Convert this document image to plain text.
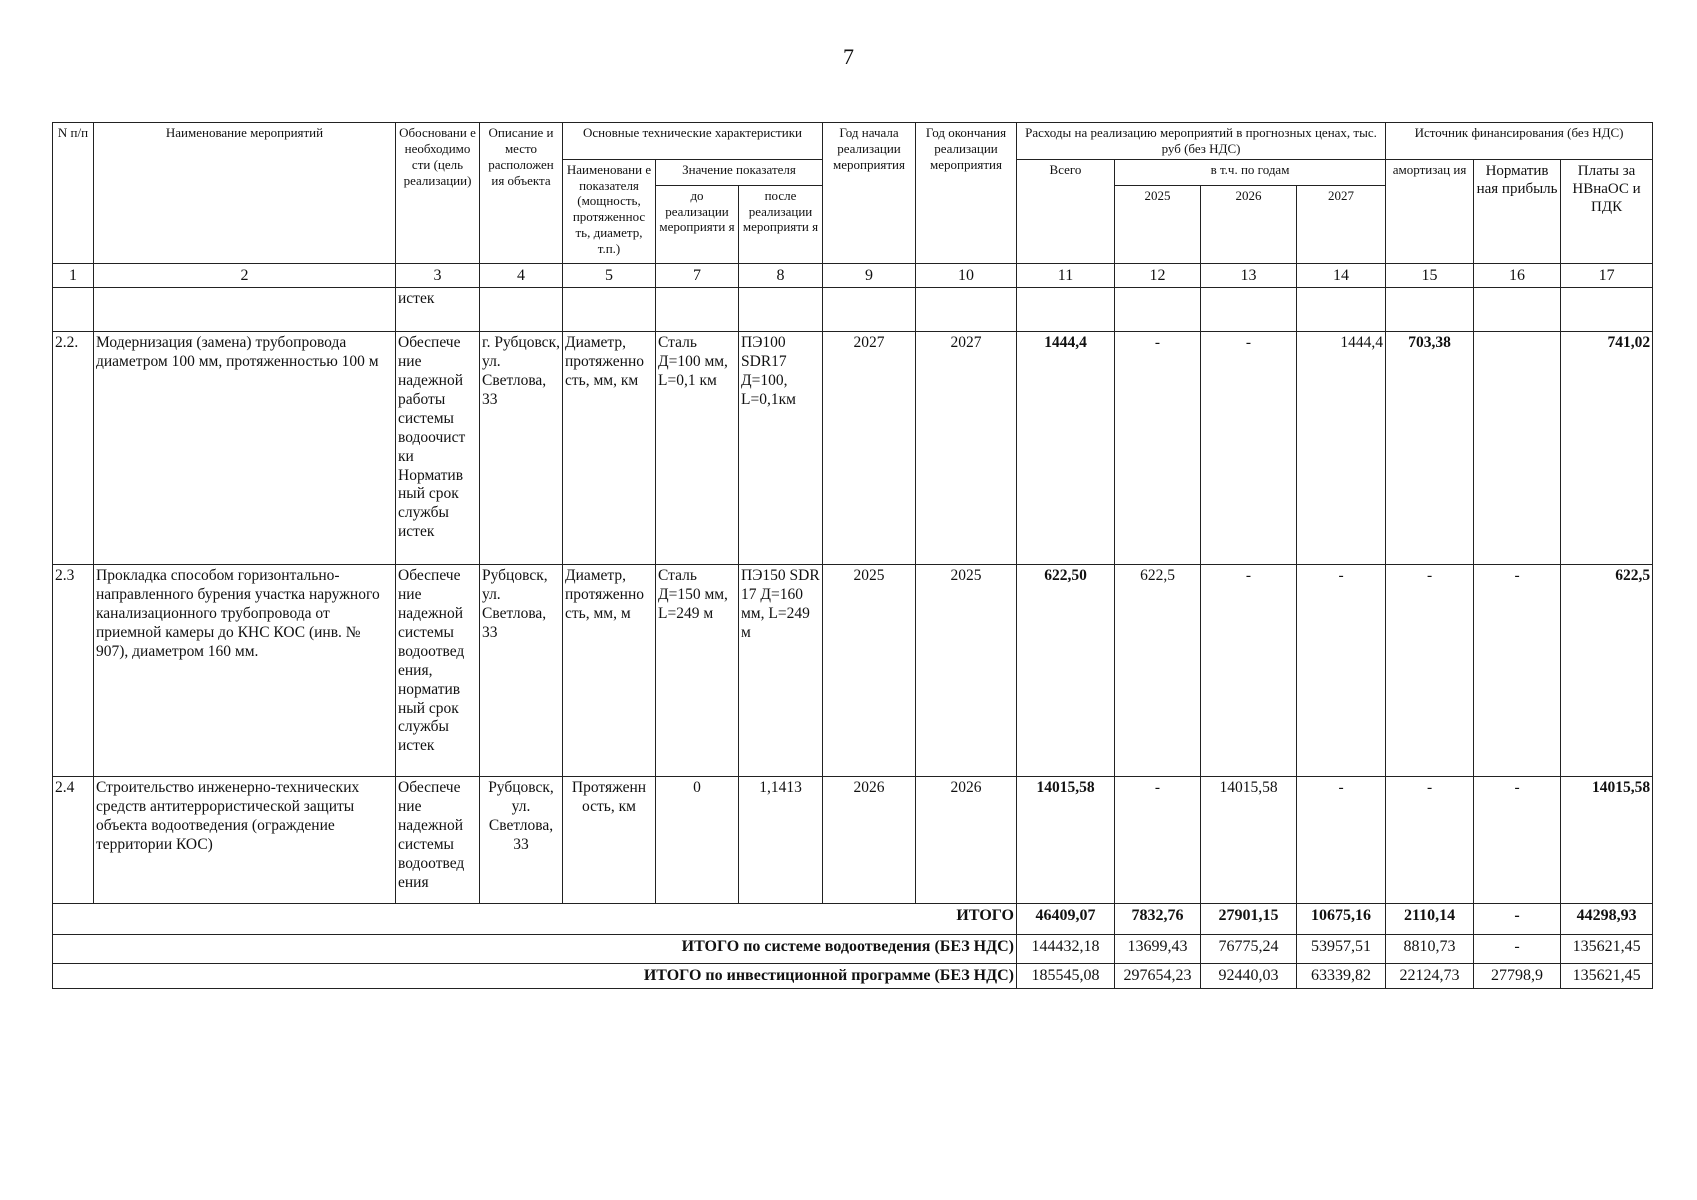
7
N п/п	Наименование мероприятий	Обосновани е необходимо сти (цель реализации)	Описание и место расположен ия объекта	Основные технические характеристики			Год начала реализации мероприятия	Год окончания реализации мероприятия	Расходы на реализацию мероприятий в прогнозных ценах, тыс. руб (без НДС)				Источник финансирования (без НДС)		
				Наименовани е показателя (мощность, протяженнос ть, диаметр, т.п.)	Значение показателя				Всего	в т.ч. по годам			амортизац ия	Норматив ная прибыль	Платы за НВнаОС и ПДК
					до реализации мероприяти я	после реализации мероприяти я				2025	2026	2027			
1	2	3	4	5	7	8	9	10	11	12	13	14	15	16	17
		истек													
2.2.	Модернизация (замена) трубопровода диаметром 100 мм, протяженностью 100 м	Обеспече ние надежной работы системы водоочист ки Норматив ный срок службы истек	г. Рубцовск, ул. Светлова, 33	Диаметр, протяженно сть, мм, км	Сталь Д=100 мм, L=0,1 км	ПЭ100 SDR17 Д=100, L=0,1км	2027	2027	1444,4	-	-	1444,4	703,38		741,02
2.3	Прокладка способом горизонтально-направленного бурения участка наружного канализационного трубопровода от приемной камеры до КНС КОС (инв. № 907), диаметром 160 мм.	Обеспече ние надежной системы водоотвед ения, норматив ный срок службы истек	Рубцовск, ул. Светлова, 33	Диаметр, протяженно сть, мм, м	Сталь Д=150 мм, L=249 м	ПЭ150 SDR 17 Д=160 мм, L=249 м	2025	2025	622,50	622,5	-	-	-	-	622,5
2.4	Строительство инженерно-технических средств антитеррористической защиты объекта водоотведения (ограждение территории КОС)	Обеспече ние надежной системы водоотвед ения	Рубцовск, ул. Светлова, 33	Протяженн ость, км	0	1,1413	2026	2026	14015,58	-	14015,58	-	-	-	14015,58
ИТОГО									46409,07	7832,76	27901,15	10675,16	2110,14	-	44298,93
ИТОГО по системе водоотведения (БЕЗ НДС)									144432,18	13699,43	76775,24	53957,51	8810,73	-	135621,45
ИТОГО по инвестиционной программе (БЕЗ НДС)									185545,08	297654,23	92440,03	63339,82	22124,73	27798,9	135621,45
